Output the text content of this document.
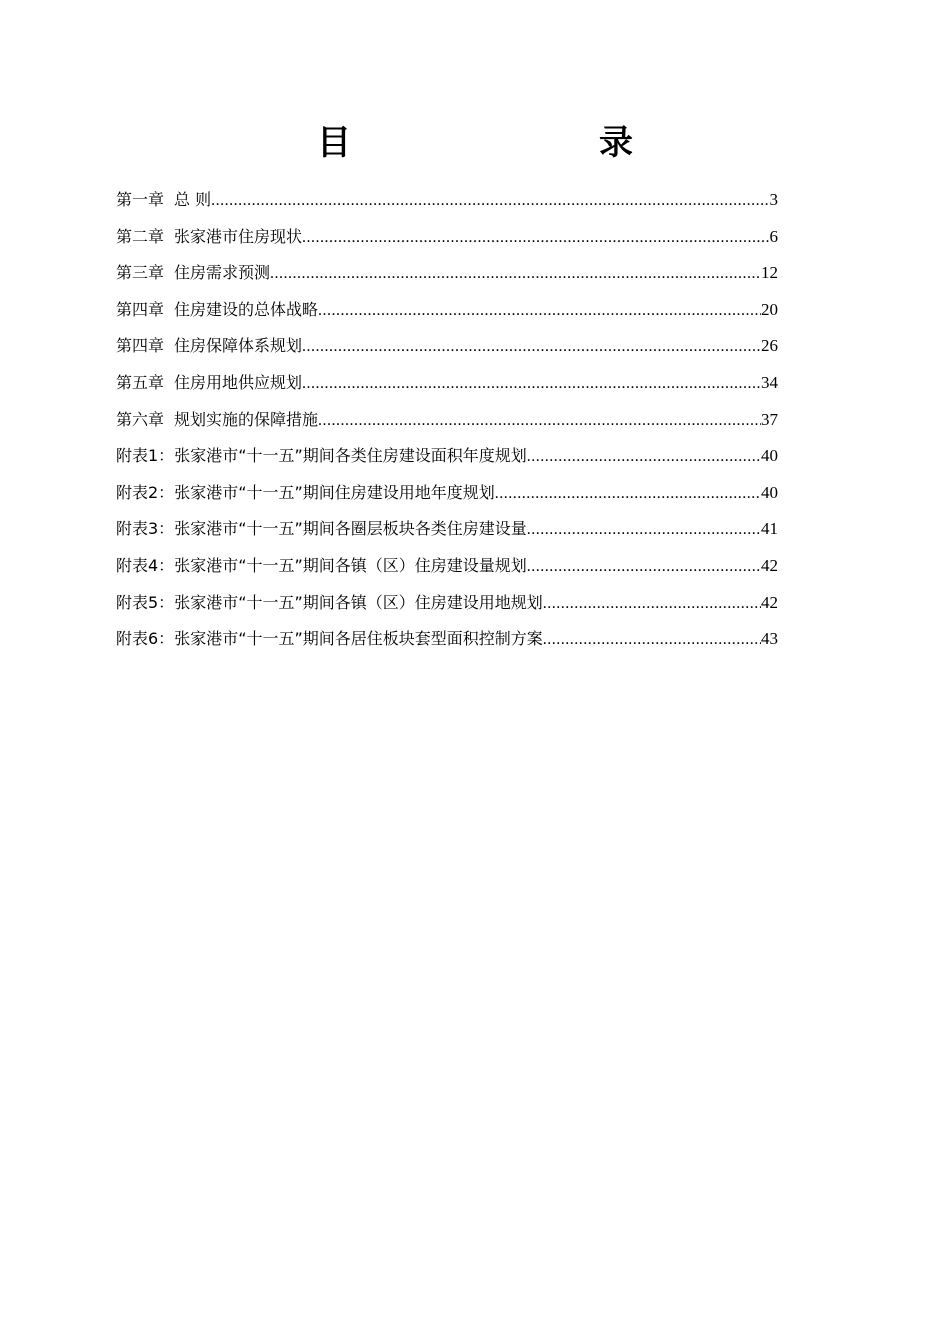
目　　录
第一章 总 则 .....	3
第二章 张家港市住房现状 .....	6
第三章 住房需求预测 .....	12
第四章 住房建设的总体战略 .....	20
第四章 住房保障体系规划 .....	26
第五章 住房用地供应规划 .....	34
第六章 规划实施的保障措施 .....	37
附表1：张家港市“十一五”期间各类住房建设面积年度规划 .....	40
附表2：张家港市“十一五”期间住房建设用地年度规划 .....	40
附表3：张家港市“十一五”期间各圈层板块各类住房建设量 .....	41
附表4：张家港市“十一五”期间各镇（区）住房建设量规划 .....	42
附表5：张家港市“十一五”期间各镇（区）住房建设用地规划 .....	42
附表6：张家港市“十一五”期间各居住板块套型面积控制方案 .....	43
